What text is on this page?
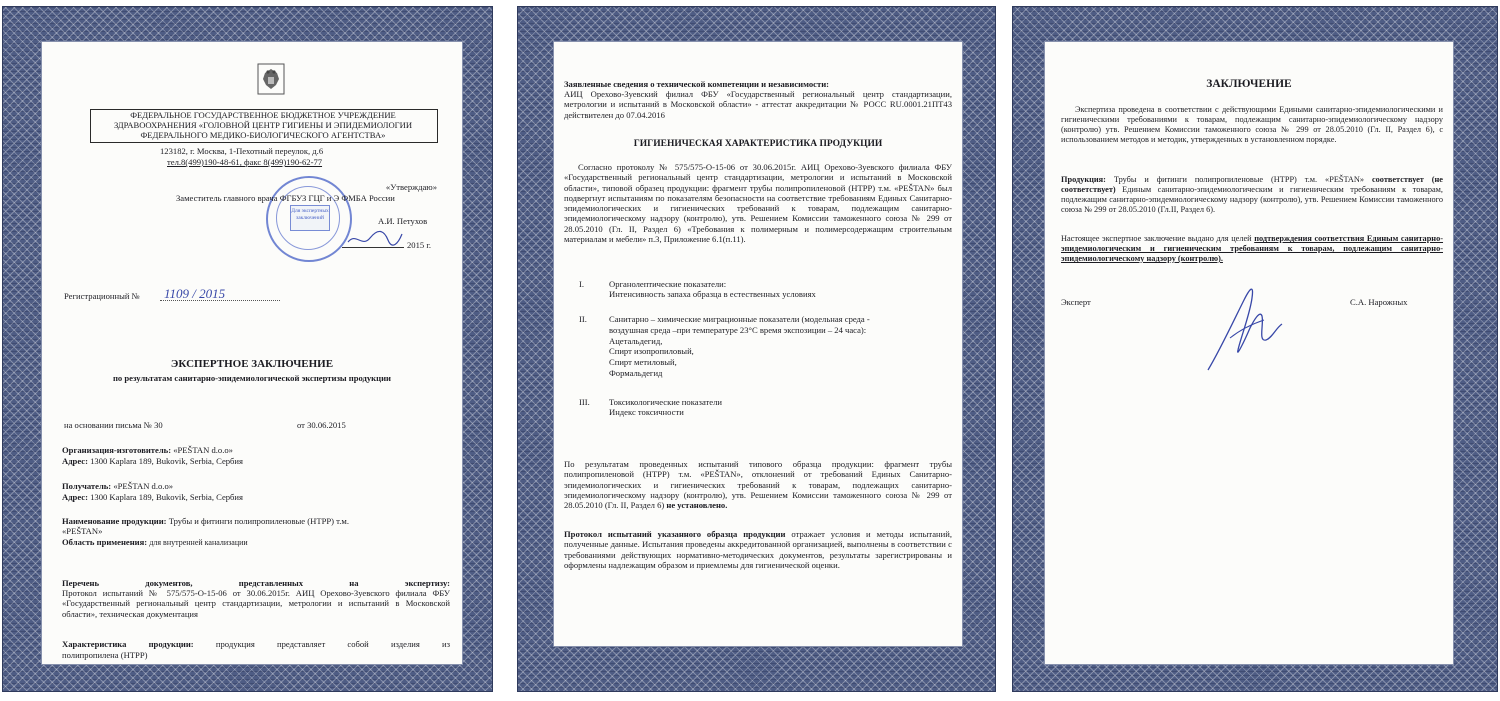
ФЕДЕРАЛЬНОЕ ГОСУДАРСТВЕННОЕ БЮДЖЕТНОЕ УЧРЕЖДЕНИЕ
ЗДРАВООХРАНЕНИЯ «ГОЛОВНОЙ ЦЕНТР ГИГИЕНЫ И ЭПИДЕМИОЛОГИИ
ФЕДЕРАЛЬНОГО МЕДИКО-БИОЛОГИЧЕСКОГО АГЕНТСТВА»
123182, г. Москва, 1-Пехотный переулок, д.6
тел.8(499)190-48-61, факс 8(499)190-62-77
Для экспертных заключений
«Утверждаю»
Заместитель главного врача ФГБУЗ ГЦГ и Э ФМБА России
А.И. Петухов
2015 г.
Регистрационный № 1109 / 2015
ЭКСПЕРТНОЕ ЗАКЛЮЧЕНИЕ
по результатам санитарно-эпидемиологической экспертизы продукции
на основании письма № 30	от 30.06.2015
Организация-изготовитель: «PEŠTAN d.o.o»
Адрес: 1300 Kaplara 189, Bukovik, Serbia, Сербия
Получатель: «PEŠTAN d.o.o»
Адрес: 1300 Kaplara 189, Bukovik, Serbia, Сербия
Наименование продукции: Трубы и фитинги полипропиленовые (НТРР) т.м.
«PEŠTAN»
Область применения: для внутренней канализации
Перечень документов, представленных на экспертизу:
Протокол испытаний № 575/575-О-15-06 от 30.06.2015г. АИЦ Орехово-Зуевского филиала ФБУ «Государственный региональный центр стандартизации, метрологии и испытаний в Московской области», техническая документация
Характеристика продукции:	продукция представляет собой изделия из
полипропилена (НТРР)
Заявленные сведения о технической компетенции и независимости:
АИЦ Орехово-Зуевский филиал ФБУ «Государственный региональный центр стандартизации, метрологии и испытаний в Московской области» - аттестат аккредитации № РОСС RU.0001.21ПТ43 действителен до 07.04.2016
ГИГИЕНИЧЕСКАЯ ХАРАКТЕРИСТИКА ПРОДУКЦИИ
Согласно протоколу № 575/575-О-15-06 от 30.06.2015г. АИЦ Орехово-Зуевского филиала ФБУ «Государственный региональный центр стандартизации, метрологии и испытаний в Московской области», типовой образец продукции: фрагмент трубы полипропиленовой (НТРР) т.м. «PEŠTAN» был подвергнут испытаниям по показателям безопасности на соответствие требованиям Единых Санитарно-эпидемиологических и гигиенических требований к товарам, подлежащим санитарно-эпидемиологическому надзору (контролю), утв. Решением Комиссии таможенного союза № 299 от 28.05.2010 (Гл. II, Раздел 6) «Требования к полимерным и полимерсодержащим строительным материалам и мебели» п.3, Приложение 6.1(п.11).
I.	Органолептические показатели:
Интенсивность запаха образца в естественных условиях
II.	Санитарно – химические миграционные показатели (модельная среда -
воздушная среда –при температуре 23°С время экспозиции – 24 часа):
Ацетальдегид,
Спирт изопропиловый,
Спирт метиловый,
Формальдегид
III. Токсикологические показатели
Индекс токсичности
По результатам проведенных испытаний типового образца продукции: фрагмент трубы полипропиленовой (НТРР) т.м. «PEŠTAN», отклонений от требований Единых Санитарно-эпидемиологических и гигиенических требований к товарам, подлежащих санитарно-эпидемиологическому надзору (контролю), утв. Решением Комиссии таможенного союза № 299 от 28.05.2010 (Гл. II, Раздел 6) не установлено.
Протокол испытаний указанного образца продукции отражает условия и методы испытаний, полученные данные. Испытания проведены аккредитованной организацией, выполнены в соответствии с требованиями действующих нормативно-методических документов, результаты зарегистрированы и оформлены надлежащим образом и приемлемы для гигиенической оценки.
ЗАКЛЮЧЕНИЕ
Экспертиза проведена в соответствии с действующими Едиными санитарно-эпидемиологическими и гигиеническими требованиями к товарам, подлежащим санитарно-эпидемиологическому надзору (контролю) утв. Решением Комиссии таможенного союза № 299 от 28.05.2010 (Гл. II, Раздел 6), с использованием методов и методик, утвержденных в установленном порядке.
Продукция: Трубы и фитинги полипропиленовые (НТРР) т.м. «PEŠTAN» соответствует (не соответствует) Единым санитарно-эпидемиологическим и гигиеническим требованиям к товарам, подлежащим санитарно-эпидемиологическому надзору (контролю), утв. Решением Комиссии таможенного союза № 299 от 28.05.2010 (Гл.II, Раздел 6).
Настоящее экспертное заключение выдано для целей подтверждения соответствия Единым санитарно-эпидемиологическим и гигиеническим требованиям к товарам, подлежащим санитарно-эпидемиологическому надзору (контролю).
Эксперт	С.А. Нарожных
